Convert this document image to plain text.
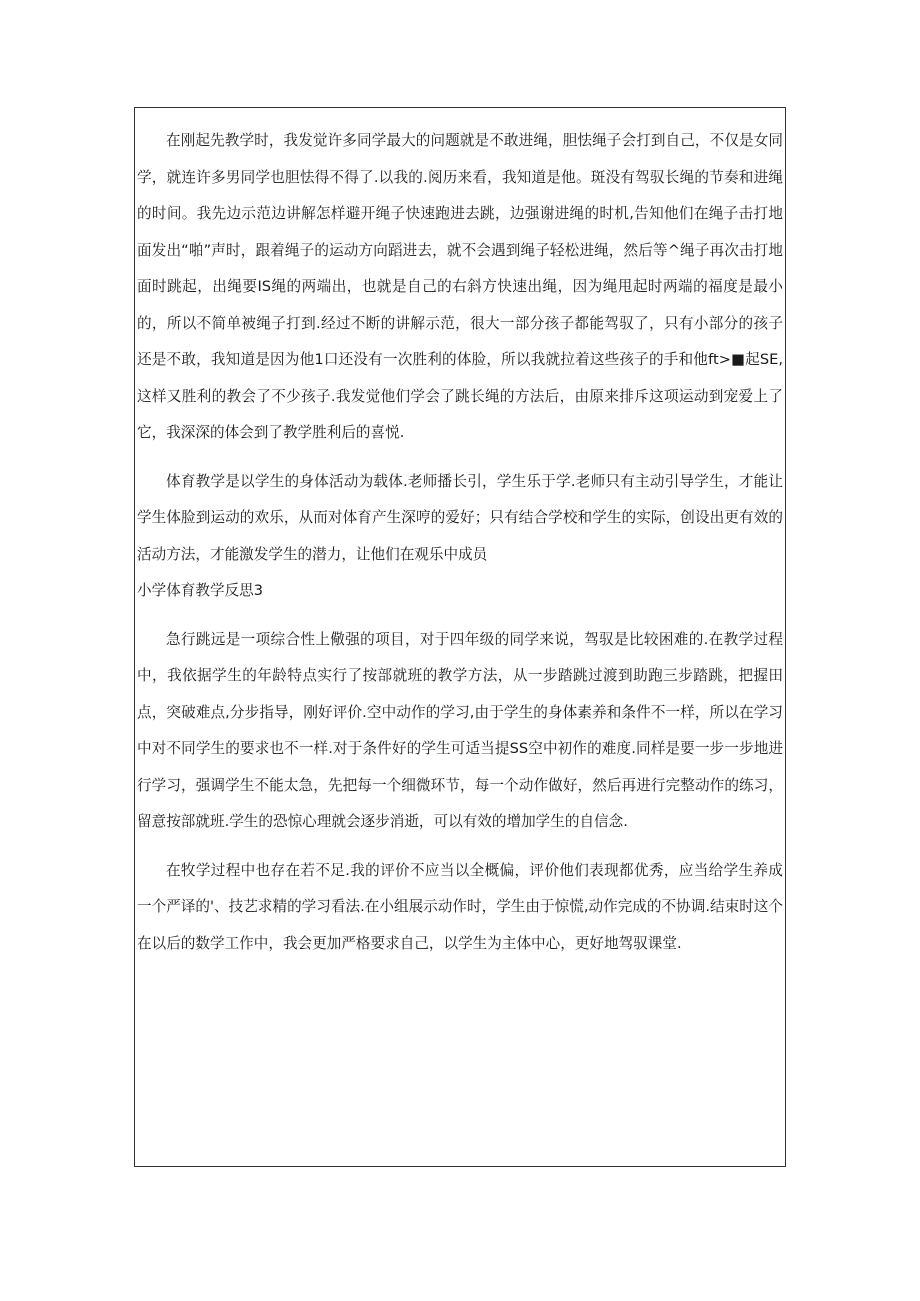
在刚起先教学时，我发觉许多同学最大的问题就是不敢进绳，胆怯绳子会打到自己，不仅是女同学，就连许多男同学也胆怯得不得了.以我的.阅历来看，我知道是他。斑没有驾驭长绳的节奏和进绳的时间。我先边示范边讲解怎样避开绳子快速跑进去跳，边强谢进绳的时机,告知他们在绳子击打地面发出“啪”声时，跟着绳子的运动方向蹈进去，就不会遇到绳子轻松进绳，然后等^绳子再次击打地面时跳起，出绳要IS绳的两端出，也就是自己的右斜方快速出绳，因为绳甩起时两端的福度是最小的，所以不简单被绳子打到.经过不断的讲解示范，很大一部分孩子都能驾驭了，只有小部分的孩子还是不敢，我知道是因为他1口还没有一次胜利的体脸，所以我就拉着这些孩子的手和他ft>■起SE,这样又胜利的教会了不少孩子.我发觉他们学会了跳长绳的方法后，由原来排斥这项运动到宠爱上了它，我深深的体会到了教学胜利后的喜悦.

体育教学是以学生的身体活动为载体.老师播长引，学生乐于学.老师只有主动引导学生，才能让学生体脸到运动的欢乐，从而对体育产生深哼的爱好；只有结合学校和学生的实际，创设出更有效的活动方法，才能激发学生的潜力，让他们在观乐中成员

小学体育教学反思3

急行跳远是一项综合性上儆强的项目，对于四年级的同学来说，驾驭是比较困难的.在教学过程中，我依据学生的年龄特点实行了按部就班的教学方法，从一步踏跳过渡到助跑三步踏跳，把握田点，突破难点,分步指导，刚好评价.空中动作的学习,由于学生的身体素养和条件不一样，所以在学习中对不同学生的要求也不一样.对于条件好的学生可适当提SS空中初作的难度.同样是要一步一步地进行学习，强调学生不能太急，先把每一个细微环节，每一个动作做好，然后再进行完整动作的练习，留意按部就班.学生的恐惊心理就会逐步消逝，可以有效的增加学生的自信念.

在牧学过程中也存在若不足.我的评价不应当以全概偏，评价他们表现都优秀，应当给学生养成一个严译的'、技艺求精的学习看法.在小组展示动作时，学生由于惊慌,动作完成的不协调.结束时这个在以后的数学工作中，我会更加严格要求自己，以学生为主体中心，更好地驾驭课堂.
